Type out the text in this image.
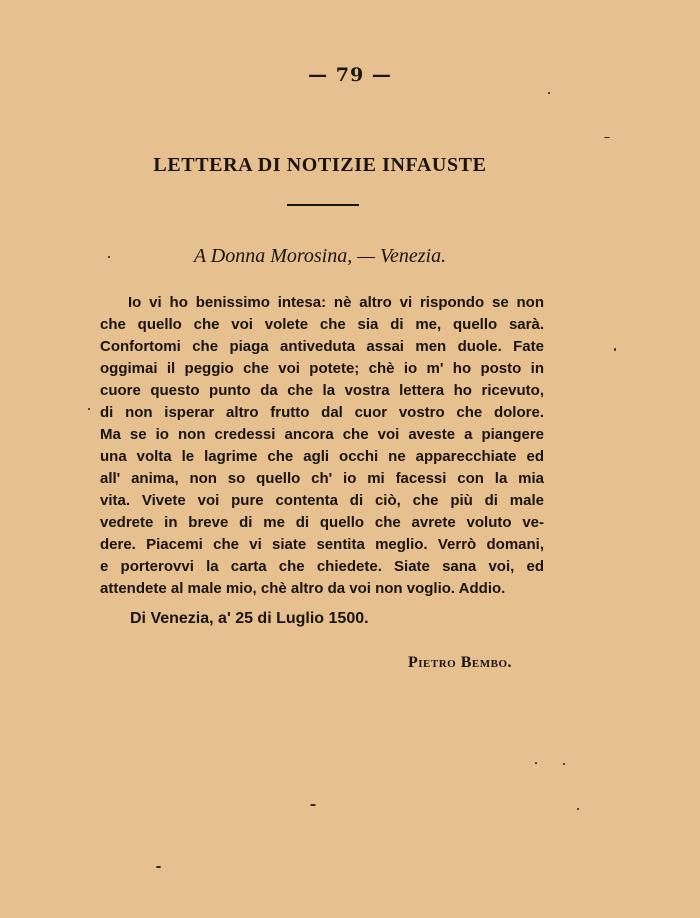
— 79 —
LETTERA DI NOTIZIE INFAUSTE
A Donna Morosina, — Venezia.
Io vi ho benissimo intesa: nè altro vi rispondo se non
che quello che voi volete che sia di me, quello sarà.
Confortomi che piaga antiveduta assai men duole. Fate
oggimai il peggio che voi potete; chè io m' ho posto in
cuore questo punto da che la vostra lettera ho ricevuto,
di non isperar altro frutto dal cuor vostro che dolore.
Ma se io non credessi ancora che voi aveste a piangere
una volta le lagrime che agli occhi ne apparecchiate ed
all' anima, non so quello ch' io mi facessi con la mia
vita. Vivete voi pure contenta di ciò, che più di male
vedrete in breve di me di quello che avrete voluto ve-
dere. Piacemi che vi siate sentita meglio. Verrò domani,
e porterovvi la carta che chiedete. Siate sana voi, ed
attendete al male mio, chè altro da voi non voglio. Addio.
Di Venezia, a' 25 di Luglio 1500.
Pietro Bembo.
